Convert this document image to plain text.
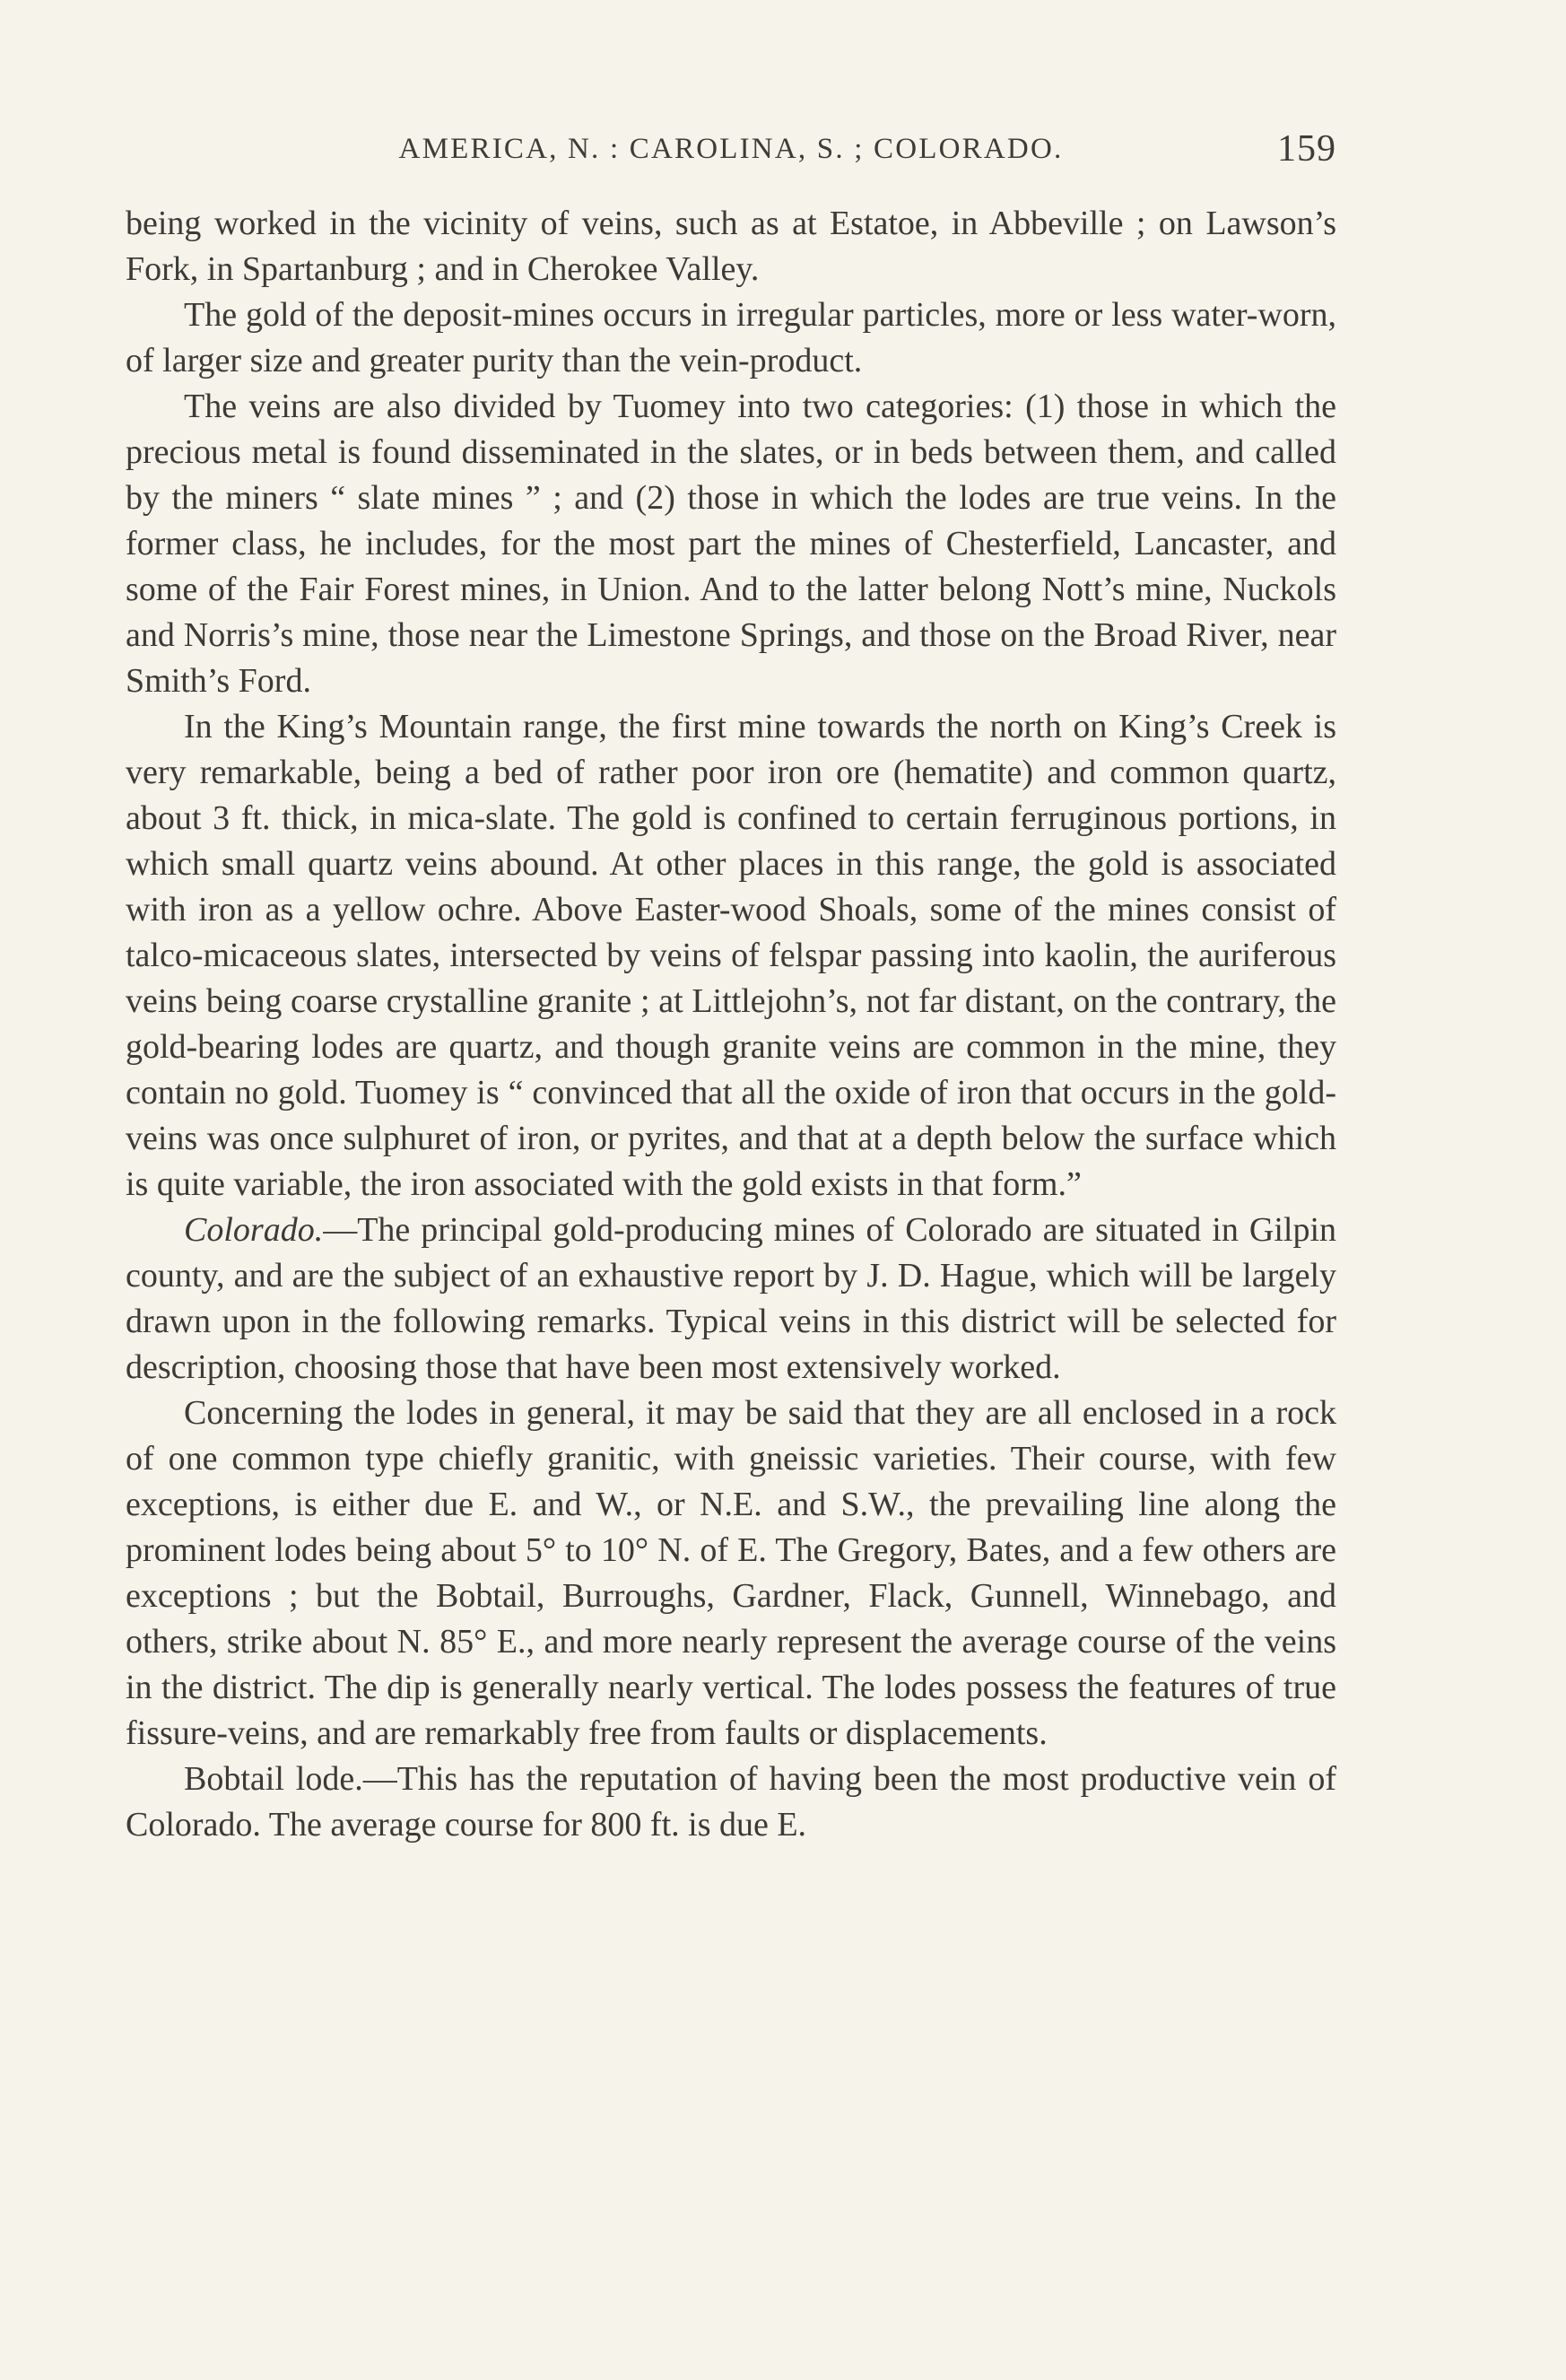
AMERICA, N. : CAROLINA, S. ; COLORADO.	159

being worked in the vicinity of veins, such as at Estatoe, in Abbeville ; on Lawson’s Fork, in Spartanburg ; and in Cherokee Valley.

The gold of the deposit-mines occurs in irregular particles, more or less water-worn, of larger size and greater purity than the vein-product.

The veins are also divided by Tuomey into two categories: (1) those in which the precious metal is found disseminated in the slates, or in beds between them, and called by the miners “ slate mines ” ; and (2) those in which the lodes are true veins. In the former class, he includes, for the most part the mines of Chesterfield, Lancaster, and some of the Fair Forest mines, in Union. And to the latter belong Nott’s mine, Nuckols and Norris’s mine, those near the Limestone Springs, and those on the Broad River, near Smith’s Ford.

In the King’s Mountain range, the first mine towards the north on King’s Creek is very remarkable, being a bed of rather poor iron ore (hematite) and common quartz, about 3 ft. thick, in mica-slate. The gold is confined to certain ferruginous portions, in which small quartz veins abound. At other places in this range, the gold is associated with iron as a yellow ochre. Above Easter-wood Shoals, some of the mines consist of talco-micaceous slates, intersected by veins of felspar passing into kaolin, the auriferous veins being coarse crystalline granite ; at Littlejohn’s, not far distant, on the contrary, the gold-bearing lodes are quartz, and though granite veins are common in the mine, they contain no gold. Tuomey is “ convinced that all the oxide of iron that occurs in the gold-veins was once sulphuret of iron, or pyrites, and that at a depth below the surface which is quite variable, the iron associated with the gold exists in that form.”

Colorado.—The principal gold-producing mines of Colorado are situated in Gilpin county, and are the subject of an exhaustive report by J. D. Hague, which will be largely drawn upon in the following remarks. Typical veins in this district will be selected for description, choosing those that have been most extensively worked.

Concerning the lodes in general, it may be said that they are all enclosed in a rock of one common type chiefly granitic, with gneissic varieties. Their course, with few exceptions, is either due E. and W., or N.E. and S.W., the prevailing line along the prominent lodes being about 5° to 10° N. of E. The Gregory, Bates, and a few others are exceptions ; but the Bobtail, Burroughs, Gardner, Flack, Gunnell, Winnebago, and others, strike about N. 85° E., and more nearly represent the average course of the veins in the district. The dip is generally nearly vertical. The lodes possess the features of true fissure-veins, and are remarkably free from faults or displacements.

Bobtail lode.—This has the reputation of having been the most productive vein of Colorado. The average course for 800 ft. is due E.
